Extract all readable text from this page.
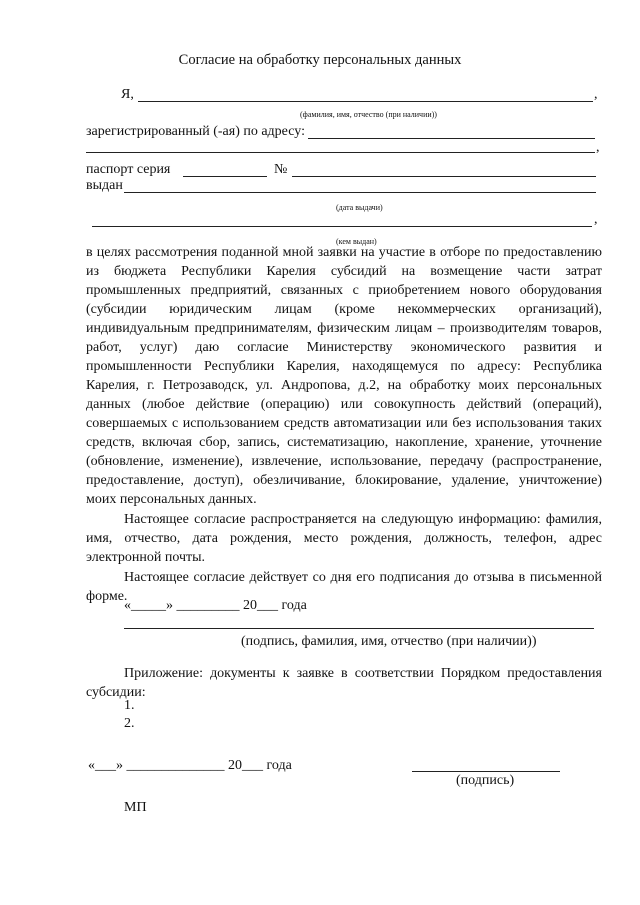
Согласие на обработку персональных данных
Я,	,
(фамилия, имя, отчество (при наличии))
зарегистрированный (-ая) по адресу:
,
паспорт серия	№
выдан
(дата выдачи)
,
(кем выдан)

в целях рассмотрения поданной мной заявки на участие в отборе по предоставлению из бюджета Республики Карелия субсидий на возмещение части затрат промышленных предприятий, связанных с приобретением нового оборудования (субсидии юридическим лицам (кроме некоммерческих организаций), индивидуальным предпринимателям, физическим лицам – производителям товаров, работ, услуг) даю согласие Министерству экономического развития и промышленности Республики Карелия, находящемуся по адресу: Республика Карелия, г. Петрозаводск, ул. Андропова, д.2, на обработку моих персональных данных (любое действие (операцию) или совокупность действий (операций), совершаемых с использованием средств автоматизации или без использования таких средств, включая сбор, запись, систематизацию, накопление, хранение, уточнение (обновление, изменение), извлечение, использование, передачу (распространение, предоставление, доступ), обезличивание, блокирование, удаление, уничтожение) моих персональных данных.

Настоящее согласие распространяется на следующую информацию: фамилия, имя, отчество, дата рождения, место рождения, должность, телефон, адрес электронной почты.

Настоящее согласие действует со дня его подписания до отзыва в письменной форме.

«_____» _________ 20___ года
(подпись, фамилия, имя, отчество (при наличии))

Приложение: документы к заявке в соответствии Порядком предоставления субсидии:

1.
2.
«___» ______________ 20___ года
(подпись)
МП
